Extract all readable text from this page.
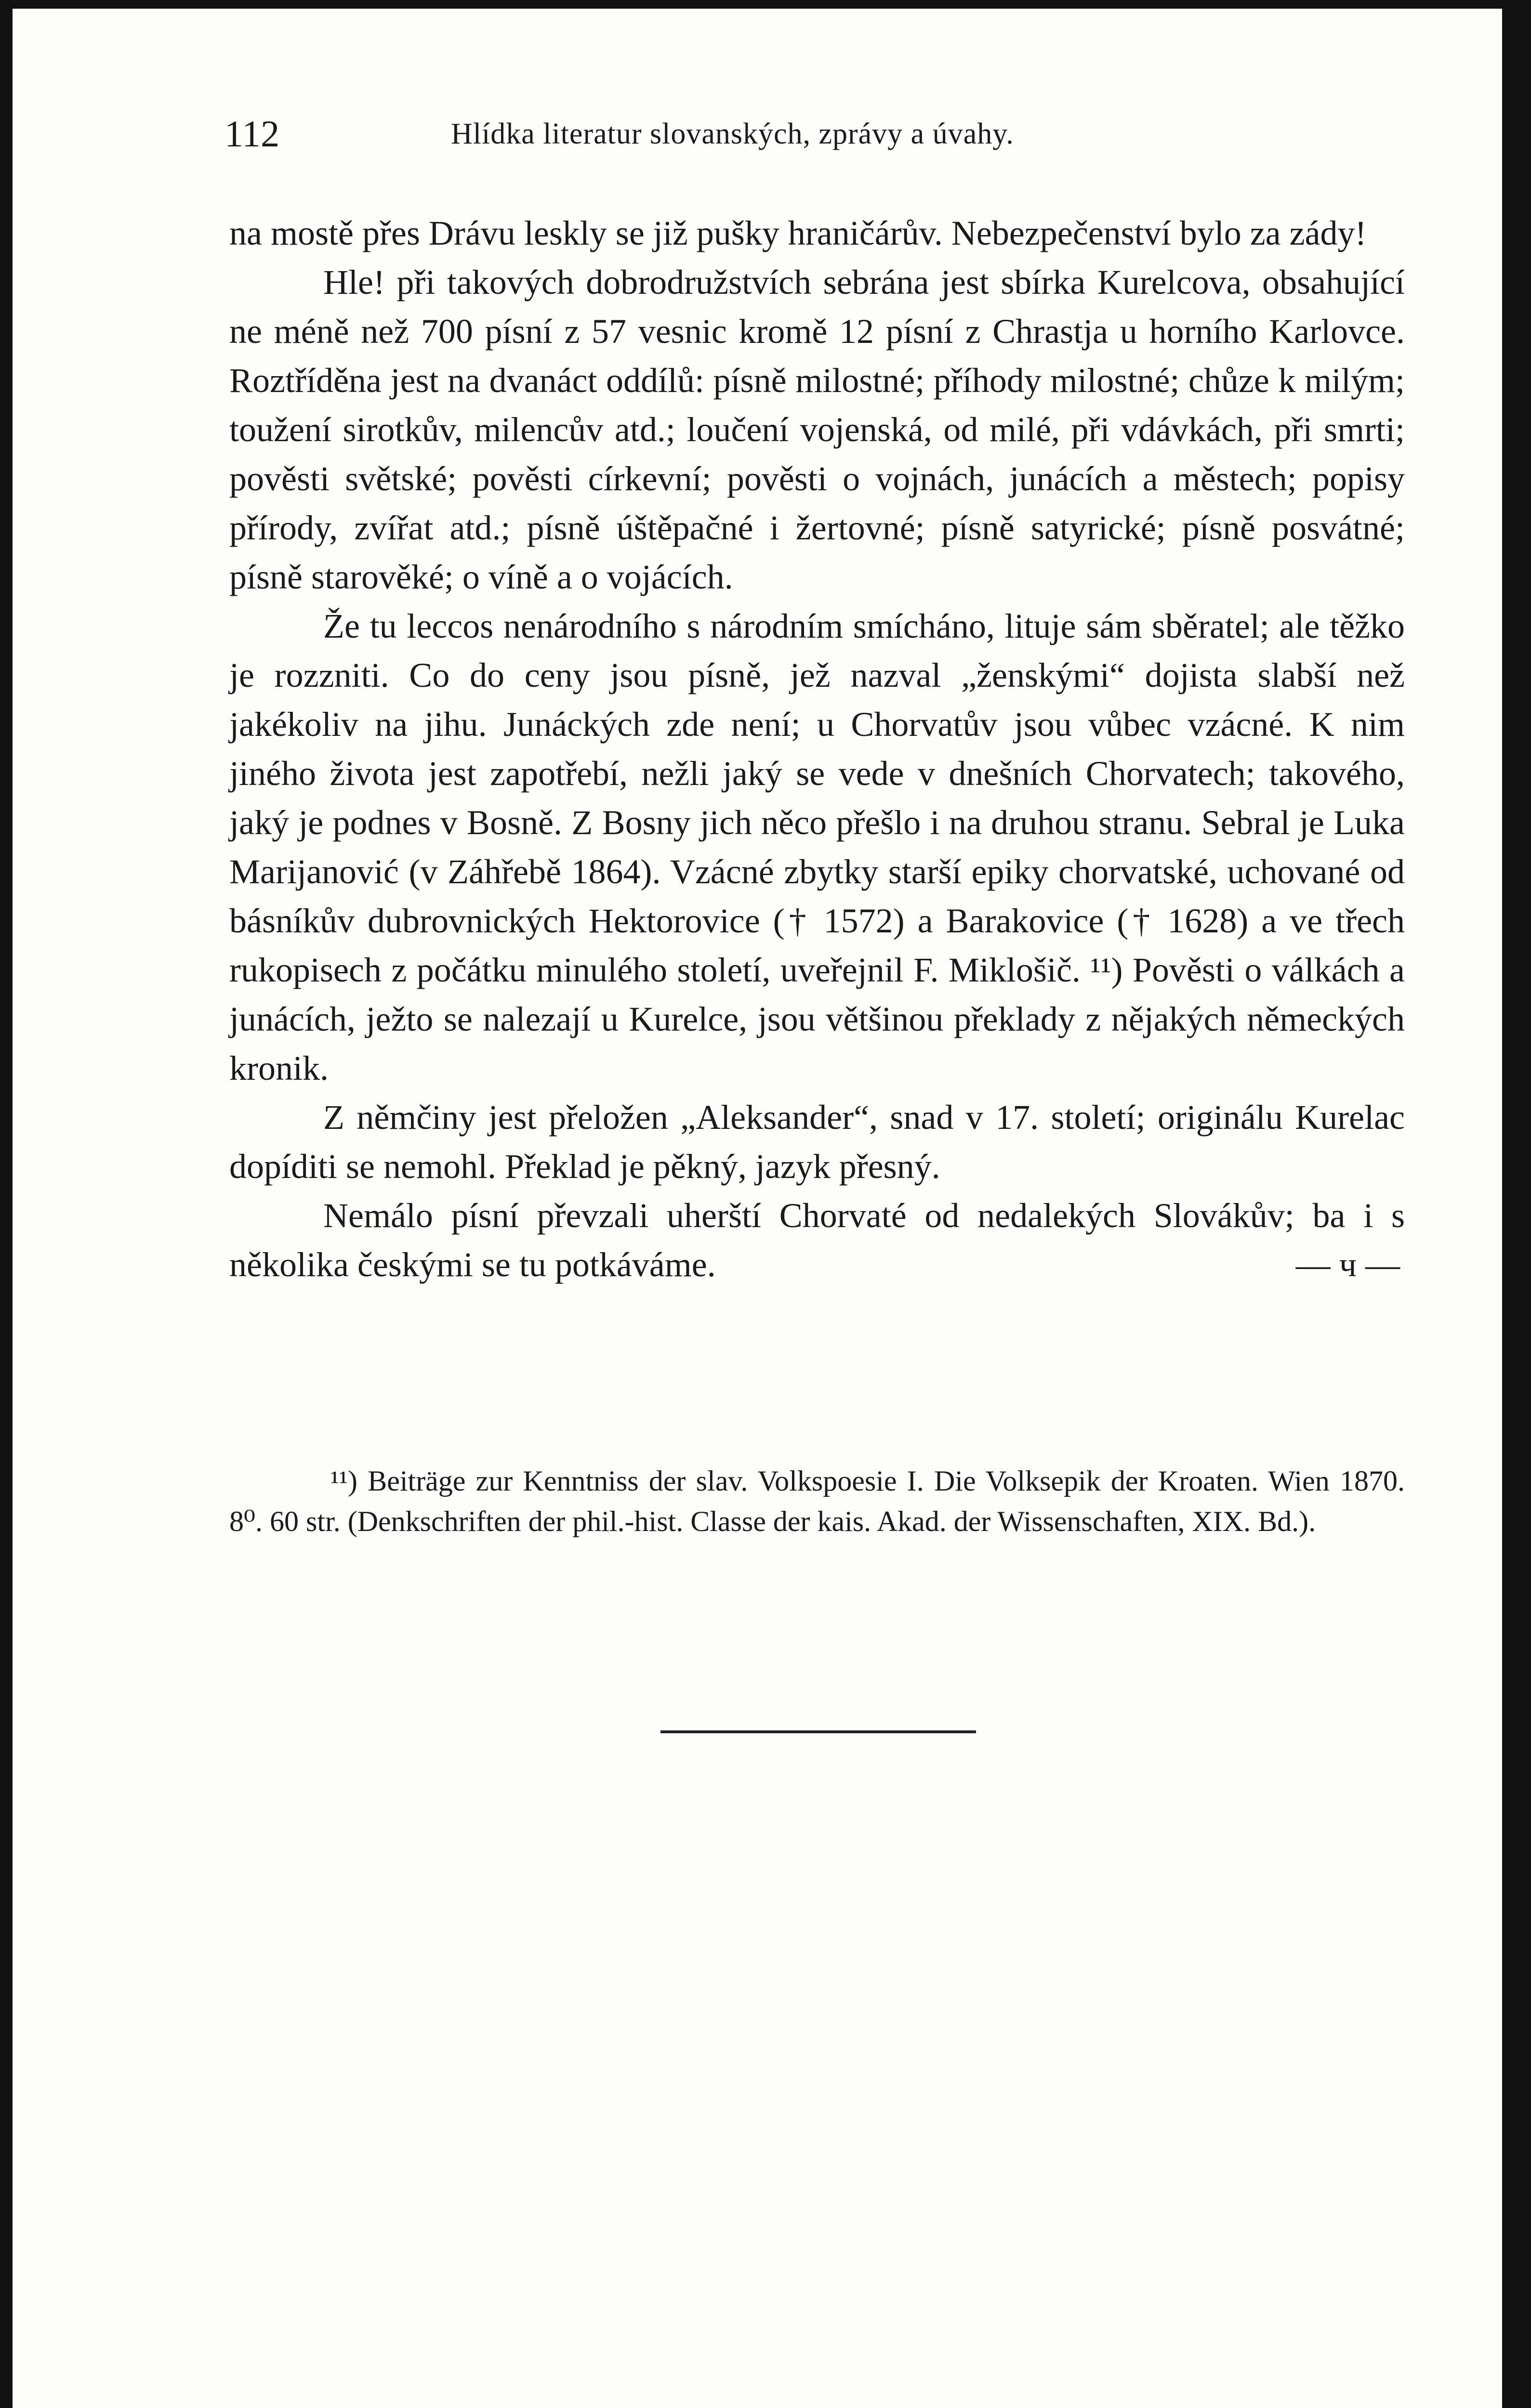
112	Hlídka literatur slovanských, zprávy a úvahy.

na mostě přes Drávu leskly se již pušky hraničárův. Nebezpečenství bylo za zády!

Hle! při takových dobrodružstvích sebrána jest sbírka Kurelcova, obsahující ne méně než 700 písní z 57 vesnic kromě 12 písní z Chrastja u horního Karlovce. Roztříděna jest na dvanáct oddílů: písně milostné; příhody milostné; chůze k milým; toužení sirotkův, milencův atd.; loučení vojenská, od milé, při vdávkách, při smrti; pověsti světské; pověsti církevní; pověsti o vojnách, junácích a městech; popisy přírody, zvířat atd.; písně úštěpačné i žertovné; písně satyrické; písně posvátné; písně starověké; o víně a o vojácích.

Že tu leccos nenárodního s národním smícháno, lituje sám sběratel; ale těžko je rozzniti. Co do ceny jsou písně, jež nazval „ženskými“ dojista slabší než jakékoliv na jihu. Junáckých zde není; u Chorvatův jsou vůbec vzácné. K nim jiného života jest zapotřebí, nežli jaký se vede v dnešních Chorvatech; takového, jaký je podnes v Bosně. Z Bosny jich něco přešlo i na druhou stranu. Sebral je Luka Marijanović (v Záhřebě 1864). Vzácné zbytky starší epiky chorvatské, uchované od básníkův dubrovnických Hektorovice († 1572) a Barakovice († 1628) a ve třech rukopisech z počátku minulého století, uveřejnil F. Miklošič. ¹¹) Pověsti o válkách a junácích, ježto se nalezají u Kurelce, jsou většinou překlady z nějakých německých kronik.

Z němčiny jest přeložen „Aleksander“, snad v 17. století; originálu Kurelac dopíditi se nemohl. Překlad je pěkný, jazyk přesný.

Nemálo písní převzali uherští Chorvaté od nedalekých Slovákův; ba i s několika českými se tu potkáváme.	— ч —

¹¹) Beiträge zur Kenntniss der slav. Volkspoesie I. Die Volksepik der Kroaten. Wien 1870. 8⁰. 60 str. (Denkschriften der phil.-hist. Classe der kais. Akad. der Wissenschaften, XIX. Bd.).
